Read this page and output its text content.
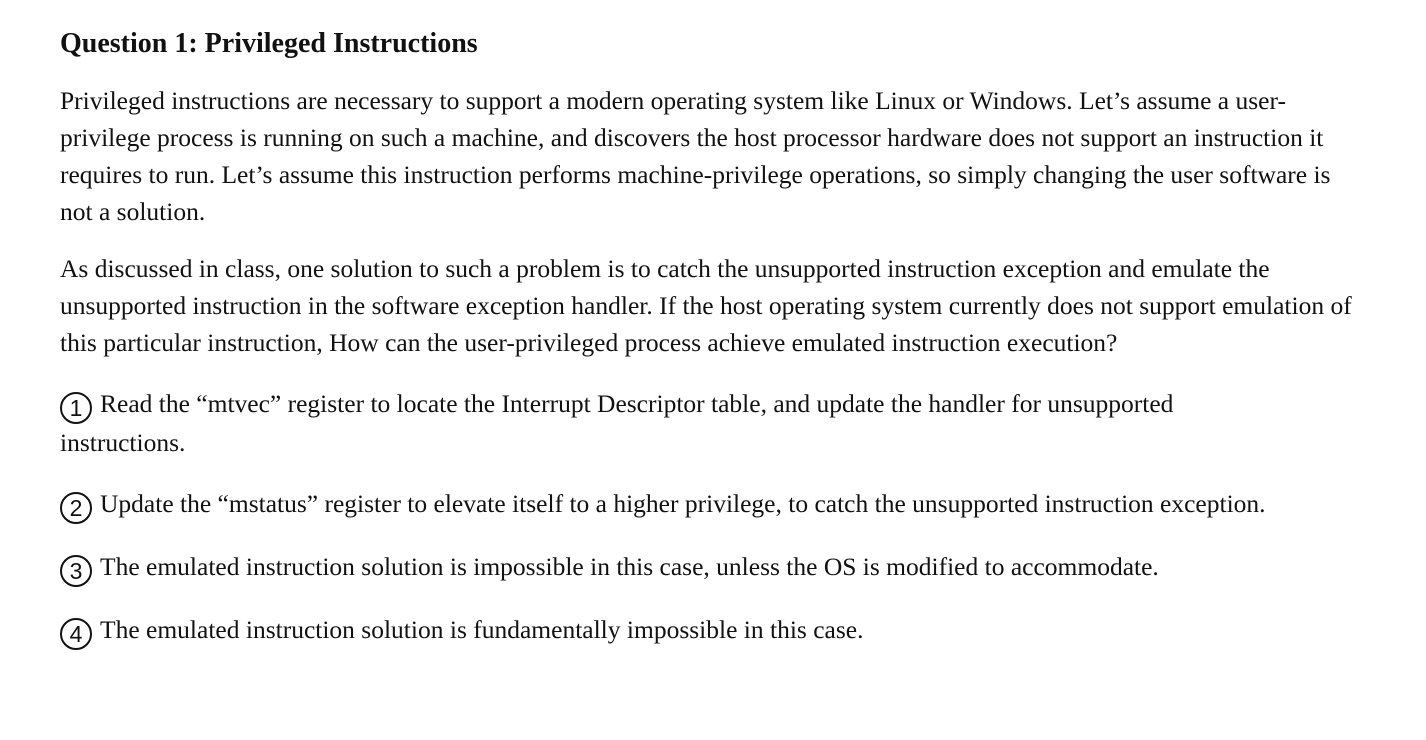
Question 1: Privileged Instructions

Privileged instructions are necessary to support a modern operating system like Linux or Windows. Let’s assume a user-privilege process is running on such a machine, and discovers the host processor hardware does not support an instruction it requires to run. Let’s assume this instruction performs machine-privilege operations, so simply changing the user software is not a solution.

As discussed in class, one solution to such a problem is to catch the unsupported instruction exception and emulate the unsupported instruction in the software exception handler. If the host operating system currently does not support emulation of this particular instruction, How can the user-privileged process achieve emulated instruction execution?

1 Read the “mtvec” register to locate the Interrupt Descriptor table, and update the handler for unsupported instructions.
2 Update the “mstatus” register to elevate itself to a higher privilege, to catch the unsupported instruction exception.
3 The emulated instruction solution is impossible in this case, unless the OS is modified to accommodate.
4 The emulated instruction solution is fundamentally impossible in this case.
